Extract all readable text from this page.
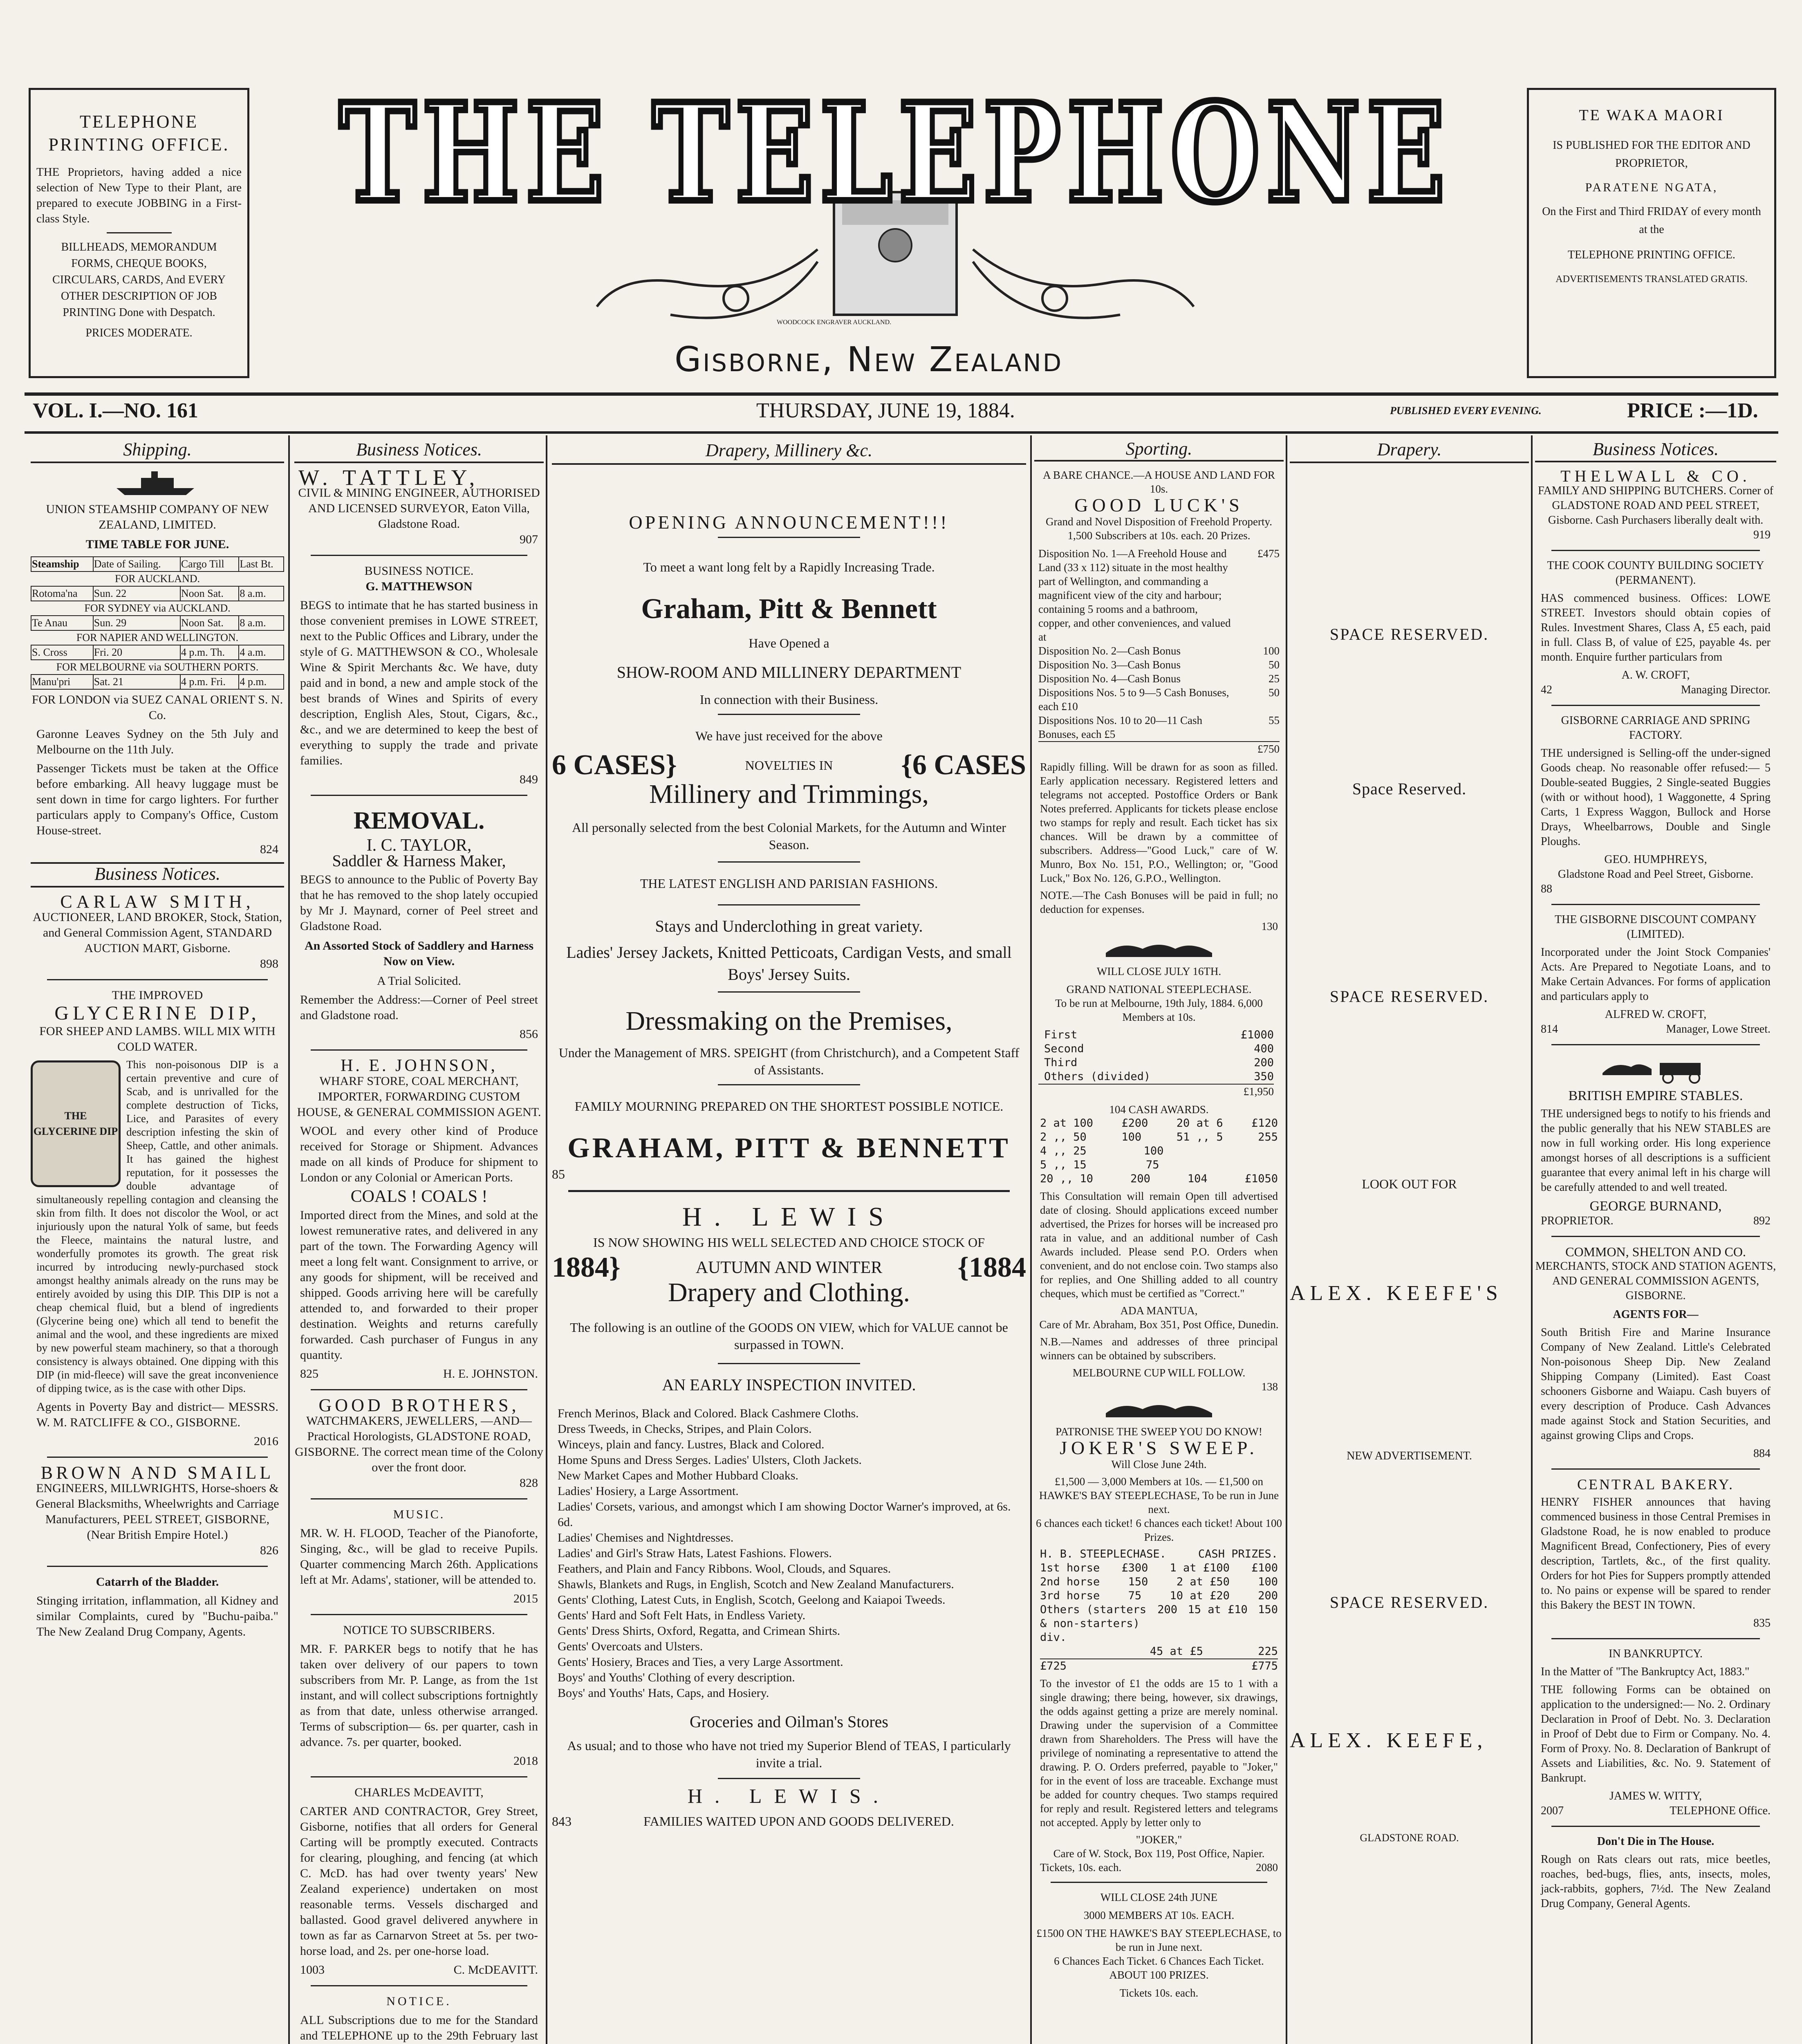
TELEPHONE PRINTING OFFICE.
THE Proprietors, having added a nice selection of New Type to their Plant, are prepared to execute JOBBING in a First-class Style.
BILLHEADS, MEMORANDUM FORMS, CHEQUE BOOKS, CIRCULARS, CARDS, And EVERY OTHER DESCRIPTION OF JOB PRINTING Done with Despatch.
PRICES MODERATE.
THE TELEPHONE
WOODCOCK ENGRAVER AUCKLAND.
Gisborne, New Zealand
TE WAKA MAORI
IS PUBLISHED FOR THE EDITOR AND PROPRIETOR,
PARATENE NGATA,
On the First and Third FRIDAY of every month at the
TELEPHONE PRINTING OFFICE.
ADVERTISEMENTS TRANSLATED GRATIS.
VOL. I.—NO. 161	THURSDAY, JUNE 19, 1884.	PUBLISHED EVERY EVENING.	PRICE :—1D.
Shipping.
UNION STEAMSHIP COMPANY OF NEW ZEALAND, LIMITED.
TIME TABLE FOR JUNE.
Steamship	Date of Sailing.	Cargo Till	Last Bt.
FOR AUCKLAND.			
Rotoma'na	Sun. 22	Noon Sat.	8 a.m.
FOR SYDNEY via AUCKLAND.			
Te Anau	Sun. 29	Noon Sat.	8 a.m.
FOR NAPIER AND WELLINGTON.			
S. Cross	Fri. 20	4 p.m. Th.	4 a.m.
FOR MELBOURNE via SOUTHERN PORTS.			
Manu'pri	Sat. 21	4 p.m. Fri.	4 p.m.
FOR LONDON via SUEZ CANAL ORIENT S. N. Co.
Garonne Leaves Sydney on the 5th July and Melbourne on the 11th July.
Passenger Tickets must be taken at the Office before embarking. All heavy luggage must be sent down in time for cargo lighters. For further particulars apply to Company's Office, Custom House-street.
824
Business Notices.
CARLAW SMITH,
AUCTIONEER, LAND BROKER, Stock, Station, and General Commission Agent, STANDARD AUCTION MART, Gisborne.
898
THE IMPROVED
GLYCERINE DIP,
FOR SHEEP AND LAMBS. WILL MIX WITH COLD WATER.
THE GLYCERINE DIP
This non-poisonous DIP is a certain preventive and cure of Scab, and is unrivalled for the complete destruction of Ticks, Lice, and Parasites of every description infesting the skin of Sheep, Cattle, and other animals. It has gained the highest reputation, for it possesses the double advantage of simultaneously repelling contagion and cleansing the skin from filth. It does not discolor the Wool, or act injuriously upon the natural Yolk of same, but feeds the Fleece, maintains the natural lustre, and wonderfully promotes its growth. The great risk incurred by introducing newly-purchased stock amongst healthy animals already on the runs may be entirely avoided by using this DIP. This DIP is not a cheap chemical fluid, but a blend of ingredients (Glycerine being one) which all tend to benefit the animal and the wool, and these ingredients are mixed by new powerful steam machinery, so that a thorough consistency is always obtained. One dipping with this DIP (in mid-fleece) will save the great inconvenience of dipping twice, as is the case with other Dips.
Agents in Poverty Bay and district— MESSRS. W. M. RATCLIFFE & CO., GISBORNE.
2016
BROWN AND SMAILL
ENGINEERS, MILLWRIGHTS, Horse-shoers & General Blacksmiths, Wheelwrights and Carriage Manufacturers, PEEL STREET, GISBORNE, (Near British Empire Hotel.)
826
Catarrh of the Bladder.
Stinging irritation, inflammation, all Kidney and similar Complaints, cured by "Buchu-paiba." The New Zealand Drug Company, Agents.
Business Notices.
W. TATTLEY,
CIVIL & MINING ENGINEER, AUTHORISED AND LICENSED SURVEYOR, Eaton Villa, Gladstone Road.
907
BUSINESS NOTICE.
G. MATTHEWSON
BEGS to intimate that he has started business in those convenient premises in LOWE STREET, next to the Public Offices and Library, under the style of G. MATTHEWSON & CO., Wholesale Wine & Spirit Merchants &c. We have, duty paid and in bond, a new and ample stock of the best brands of Wines and Spirits of every description, English Ales, Stout, Cigars, &c., &c., and we are determined to keep the best of everything to supply the trade and private families.
849
REMOVAL.
I. C. TAYLOR,
Saddler & Harness Maker,
BEGS to announce to the Public of Poverty Bay that he has removed to the shop lately occupied by Mr J. Maynard, corner of Peel street and Gladstone Road.
An Assorted Stock of Saddlery and Harness Now on View.
A Trial Solicited.
Remember the Address:—Corner of Peel street and Gladstone road.
856
H. E. JOHNSON,
WHARF STORE, COAL MERCHANT, IMPORTER, FORWARDING CUSTOM HOUSE, & GENERAL COMMISSION AGENT.
WOOL and every other kind of Produce received for Storage or Shipment. Advances made on all kinds of Produce for shipment to London or any Colonial or American Ports.
COALS ! COALS !
Imported direct from the Mines, and sold at the lowest remunerative rates, and delivered in any part of the town. The Forwarding Agency will meet a long felt want. Consignment to arrive, or any goods for shipment, will be received and shipped. Goods arriving here will be carefully attended to, and forwarded to their proper destination. Weights and returns carefully forwarded. Cash purchaser of Fungus in any quantity.
825	H. E. JOHNSTON.
GOOD BROTHERS,
WATCHMAKERS, JEWELLERS, —AND— Practical Horologists, GLADSTONE ROAD, GISBORNE. The correct mean time of the Colony over the front door.
828
MUSIC.
MR. W. H. FLOOD, Teacher of the Pianoforte, Singing, &c., will be glad to receive Pupils. Quarter commencing March 26th. Applications left at Mr. Adams', stationer, will be attended to.
2015
NOTICE TO SUBSCRIBERS.
MR. F. PARKER begs to notify that he has taken over delivery of our papers to town subscribers from Mr. P. Lange, as from the 1st instant, and will collect subscriptions fortnightly as from that date, unless otherwise arranged. Terms of subscription— 6s. per quarter, cash in advance. 7s. per quarter, booked.
2018
CHARLES McDEAVITT,
CARTER AND CONTRACTOR, Grey Street, Gisborne, notifies that all orders for General Carting will be promptly executed. Contracts for clearing, ploughing, and fencing (at which C. McD. has had over twenty years' New Zealand experience) undertaken on most reasonable terms. Vessels discharged and ballasted. Good gravel delivered anywhere in town as far as Carnarvon Street at 5s. per two-horse load, and 2s. per one-horse load.
1003	C. McDEAVITT.
NOTICE.
ALL Subscriptions due to me for the Standard and TELEPHONE up to the 29th February last
Drapery, Millinery &c.
OPENING ANNOUNCEMENT!!!
To meet a want long felt by a Rapidly Increasing Trade.
Graham, Pitt & Bennett
Have Opened a
SHOW-ROOM AND MILLINERY DEPARTMENT
In connection with their Business.
We have just received for the above
6 CASES}	NOVELTIES IN {6 CASES
Millinery and Trimmings,
All personally selected from the best Colonial Markets, for the Autumn and Winter Season.
THE LATEST ENGLISH AND PARISIAN FASHIONS.
Stays and Underclothing in great variety.
Ladies' Jersey Jackets, Knitted Petticoats, Cardigan Vests, and small Boys' Jersey Suits.
Dressmaking on the Premises,
Under the Management of MRS. SPEIGHT (from Christchurch), and a Competent Staff of Assistants.
FAMILY MOURNING PREPARED ON THE SHORTEST POSSIBLE NOTICE.
GRAHAM, PITT & BENNETT
85
H. LEWIS
IS NOW SHOWING HIS WELL SELECTED AND CHOICE STOCK OF
1884}	AUTUMN AND WINTER	{1884
Drapery and Clothing.
The following is an outline of the GOODS ON VIEW, which for VALUE cannot be surpassed in TOWN.
AN EARLY INSPECTION INVITED.
French Merinos, Black and Colored. Black Cashmere Cloths.
Dress Tweeds, in Checks, Stripes, and Plain Colors.
Winceys, plain and fancy. Lustres, Black and Colored.
Home Spuns and Dress Serges. Ladies' Ulsters, Cloth Jackets.
New Market Capes and Mother Hubbard Cloaks.
Ladies' Hosiery, a Large Assortment.
Ladies' Corsets, various, and amongst which I am showing Doctor Warner's improved, at 6s. 6d.
Ladies' Chemises and Nightdresses.
Ladies' and Girl's Straw Hats, Latest Fashions. Flowers.
Feathers, and Plain and Fancy Ribbons. Wool, Clouds, and Squares.
Shawls, Blankets and Rugs, in English, Scotch and New Zealand Manufacturers.
Gents' Clothing, Latest Cuts, in English, Scotch, Geelong and Kaiapoi Tweeds.
Gents' Hard and Soft Felt Hats, in Endless Variety.
Gents' Dress Shirts, Oxford, Regatta, and Crimean Shirts.
Gents' Overcoats and Ulsters.
Gents' Hosiery, Braces and Ties, a very Large Assortment.
Boys' and Youths' Clothing of every description.
Boys' and Youths' Hats, Caps, and Hosiery.
Groceries and Oilman's Stores
As usual; and to those who have not tried my Superior Blend of TEAS, I particularly invite a trial.
H. LEWIS.
843	FAMILIES WAITED UPON AND GOODS DELIVERED.
Sporting.
A BARE CHANCE.—A HOUSE AND LAND FOR 10s.
GOOD LUCK'S
Grand and Novel Disposition of Freehold Property. 1,500 Subscribers at 10s. each. 20 Prizes.
Disposition No. 1—A Freehold House and Land (33 x 112) situate in the most healthy part of Wellington, and commanding a magnificent view of the city and harbour; containing 5 rooms and a bathroom, copper, and other conveniences, and valued at
£475
Disposition No. 2—Cash Bonus	100
Disposition No. 3—Cash Bonus	50
Disposition No. 4—Cash Bonus	25
Dispositions Nos. 5 to 9—5 Cash Bonuses, each £10
50
Dispositions Nos. 10 to 20—11 Cash Bonuses, each £5
55
£750
Rapidly filling. Will be drawn for as soon as filled. Early application necessary. Registered letters and telegrams not accepted. Postoffice Orders or Bank Notes preferred. Applicants for tickets please enclose two stamps for reply and result. Each ticket has six chances. Will be drawn by a committee of subscribers. Address—"Good Luck," care of W. Munro, Box No. 151, P.O., Wellington; or, "Good Luck," Box No. 126, G.P.O., Wellington.
NOTE.—The Cash Bonuses will be paid in full; no deduction for expenses.
130
WILL CLOSE JULY 16TH.
GRAND NATIONAL STEEPLECHASE.
To be run at Melbourne, 19th July, 1884. 6,000 Members at 10s.
First	£1000
Second	400
Third	200
Others (divided)	350
£1,950
104 CASH AWARDS.
2 at 100	£200	20 at 6	£120
2 ,, 50	100	51 ,, 5	255
4 ,, 25	100
5 ,, 15	75
20 ,, 10	200	104	£1050
This Consultation will remain Open till advertised date of closing. Should applications exceed number advertised, the Prizes for horses will be increased pro rata in value, and an additional number of Cash Awards included. Please send P.O. Orders when convenient, and do not enclose coin. Two stamps also for replies, and One Shilling added to all country cheques, which must be certified as "Correct."
ADA MANTUA,
Care of Mr. Abraham, Box 351, Post Office, Dunedin.
N.B.—Names and addresses of three principal winners can be obtained by subscribers.
MELBOURNE CUP WILL FOLLOW.
138
PATRONISE THE SWEEP YOU DO KNOW!
JOKER'S SWEEP.
Will Close June 24th.
£1,500 — 3,000 Members at 10s. — £1,500 on HAWKE'S BAY STEEPLECHASE, To be run in June next.
6 chances each ticket! 6 chances each ticket! About 100 Prizes.
H. B. STEEPLECHASE.	CASH PRIZES.
1st horse £300 1 at £100 £100
2nd horse	150	2 at £50	100
3rd horse	75	10 at £20	200
Others (starters & non-starters) div.
200 15 at £10 150
45 at £5	225
£725	£775
To the investor of £1 the odds are 15 to 1 with a single drawing; there being, however, six drawings, the odds against getting a prize are merely nominal. Drawing under the supervision of a Committee drawn from Shareholders. The Press will have the privilege of nominating a representative to attend the drawing. P. O. Orders preferred, payable to "Joker," for in the event of loss are traceable. Exchange must be added for country cheques. Two stamps required for reply and result. Registered letters and telegrams not accepted. Apply by letter only to
"JOKER,"
Care of W. Stock, Box 119, Post Office, Napier.
Tickets, 10s. each.	2080
WILL CLOSE 24th JUNE
3000 MEMBERS AT 10s. EACH.
£1500 ON THE HAWKE'S BAY STEEPLECHASE, to be run in June next.
6 Chances Each Ticket. 6 Chances Each Ticket.
ABOUT 100 PRIZES.
Tickets 10s. each.
Drapery.
SPACE RESERVED.
Space Reserved.
SPACE RESERVED.
LOOK OUT FOR
ALEX. KEEFE'S
NEW ADVERTISEMENT.
SPACE RESERVED.
ALEX. KEEFE,
GLADSTONE ROAD.
Business Notices.
THELWALL & CO.
FAMILY AND SHIPPING BUTCHERS. Corner of GLADSTONE ROAD AND PEEL STREET, Gisborne. Cash Purchasers liberally dealt with.
919
THE COOK COUNTY BUILDING SOCIETY (PERMANENT).
HAS commenced business. Offices: LOWE STREET. Investors should obtain copies of Rules. Investment Shares, Class A, £5 each, paid in full. Class B, of value of £25, payable 4s. per month. Enquire further particulars from
A. W. CROFT,
42	Managing Director.
GISBORNE CARRIAGE AND SPRING FACTORY.
THE undersigned is Selling-off the under-signed Goods cheap. No reasonable offer refused:— 5 Double-seated Buggies, 2 Single-seated Buggies (with or without hood), 1 Waggonette, 4 Spring Carts, 1 Express Waggon, Bullock and Horse Drays, Wheelbarrows, Double and Single Ploughs.
GEO. HUMPHREYS,
Gladstone Road and Peel Street, Gisborne.
88
THE GISBORNE DISCOUNT COMPANY (LIMITED).
Incorporated under the Joint Stock Companies' Acts. Are Prepared to Negotiate Loans, and to Make Certain Advances. For forms of application and particulars apply to
ALFRED W. CROFT,
814	Manager, Lowe Street.
BRITISH EMPIRE STABLES.
THE undersigned begs to notify to his friends and the public generally that his NEW STABLES are now in full working order. His long experience amongst horses of all descriptions is a sufficient guarantee that every animal left in his charge will be carefully attended to and well treated.
GEORGE BURNAND,
PROPRIETOR.	892
COMMON, SHELTON AND CO.
MERCHANTS, STOCK AND STATION AGENTS, AND GENERAL COMMISSION AGENTS, GISBORNE.
AGENTS FOR—
South British Fire and Marine Insurance Company of New Zealand. Little's Celebrated Non-poisonous Sheep Dip. New Zealand Shipping Company (Limited). East Coast schooners Gisborne and Waiapu. Cash buyers of every description of Produce. Cash Advances made against Stock and Station Securities, and against growing Clips and Crops.
884
CENTRAL BAKERY.
HENRY FISHER announces that having commenced business in those Central Premises in Gladstone Road, he is now enabled to produce Magnificent Bread, Confectionery, Pies of every description, Tartlets, &c., of the first quality. Orders for hot Pies for Suppers promptly attended to. No pains or expense will be spared to render this Bakery the BEST IN TOWN.
835
IN BANKRUPTCY.
In the Matter of "The Bankruptcy Act, 1883."
THE following Forms can be obtained on application to the undersigned:— No. 2. Ordinary Declaration in Proof of Debt. No. 3. Declaration in Proof of Debt due to Firm or Company. No. 4. Form of Proxy. No. 8. Declaration of Bankrupt of Assets and Liabilities, &c. No. 9. Statement of Bankrupt.
JAMES W. WITTY,
2007	TELEPHONE Office.
Don't Die in The House.
Rough on Rats clears out rats, mice beetles, roaches, bed-bugs, flies, ants, insects, moles, jack-rabbits, gophers, 7½d. The New Zealand Drug Company, General Agents.
